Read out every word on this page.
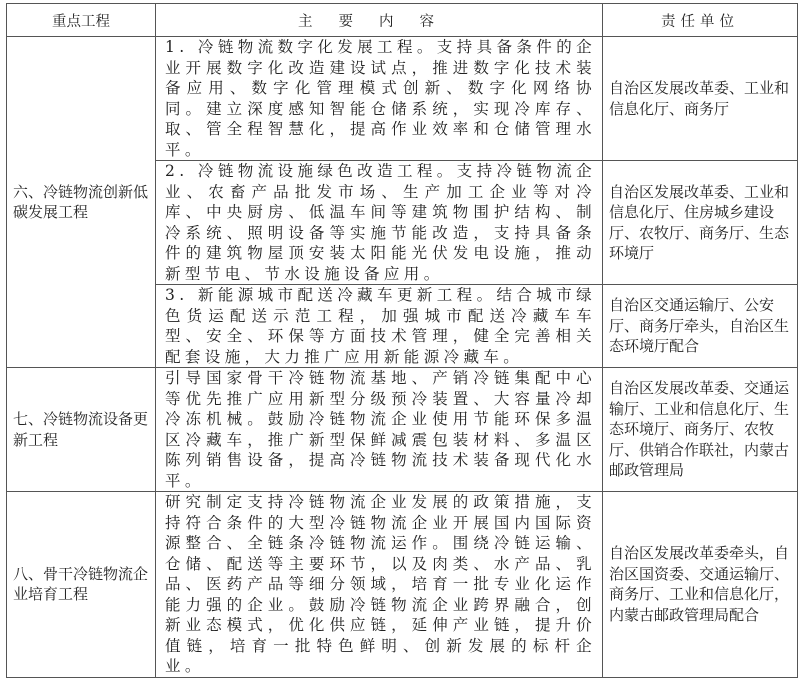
重点工程	主要内容	责任单位
六、冷链物流创新低碳发展工程	1. 冷链物流数字化发展工程。支持具备条件的企业开展数字化改造建设试点，推进数字化技术装备应用、数字化管理模式创新、数字化网络协同。建立深度感知智能仓储系统，实现冷库存、取、管全程智慧化，提高作业效率和仓储管理水平。	自治区发展改革委、工业和信息化厅、商务厅
	2. 冷链物流设施绿色改造工程。支持冷链物流企业、农畜产品批发市场、生产加工企业等对冷库、中央厨房、低温车间等建筑物围护结构、制冷系统、照明设备等实施节能改造，支持具备条件的建筑物屋顶安装太阳能光伏发电设施，推动新型节电、节水设施设备应用。	自治区发展改革委、工业和信息化厅、住房城乡建设厅、农牧厅、商务厅、生态环境厅
	3. 新能源城市配送冷藏车更新工程。结合城市绿色货运配送示范工程，加强城市配送冷藏车车型、安全、环保等方面技术管理，健全完善相关配套设施，大力推广应用新能源冷藏车。	自治区交通运输厅、公安厅、商务厅牵头，自治区生态环境厅配合
七、冷链物流设备更新工程	引导国家骨干冷链物流基地、产销冷链集配中心等优先推广应用新型分级预冷装置、大容量冷却冷冻机械。鼓励冷链物流企业使用节能环保多温区冷藏车，推广新型保鲜减震包装材料、多温区陈列销售设备，提高冷链物流技术装备现代化水平。	自治区发展改革委、交通运输厅、工业和信息化厅、生态环境厅、商务厅、农牧厅、供销合作联社，内蒙古邮政管理局
八、骨干冷链物流企业培育工程	研究制定支持冷链物流企业发展的政策措施，支持符合条件的大型冷链物流企业开展国内国际资源整合、全链条冷链物流运作。围绕冷链运输、仓储、配送等主要环节，以及肉类、水产品、乳品、医药产品等细分领域，培育一批专业化运作能力强的企业。鼓励冷链物流企业跨界融合，创新业态模式，优化供应链，延伸产业链，提升价值链，培育一批特色鲜明、创新发展的标杆企业。	自治区发展改革委牵头，自治区国资委、交通运输厅、商务厅、工业和信息化厅，内蒙古邮政管理局配合
